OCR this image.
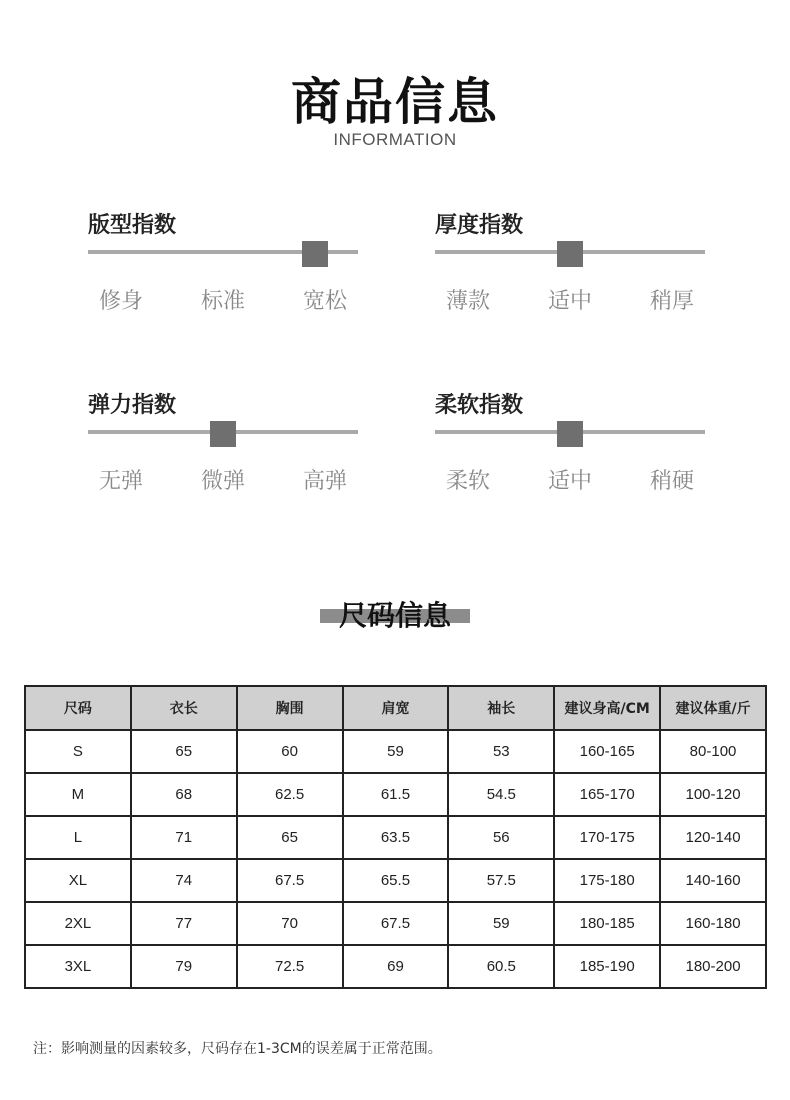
商品信息
INFORMATION
版型指数
修身	标准	宽松
厚度指数
薄款	适中	稍厚
弹力指数
无弹	微弹	高弹
柔软指数
柔软	适中	稍硬
尺码信息
尺码	衣长	胸围	肩宽	袖长	建议身高/CM	建议体重/斤
S	65	60	59	53	160-165	80-100
M	68	62.5	61.5	54.5	165-170	100-120
L	71	65	63.5	56	170-175	120-140
XL	74	67.5	65.5	57.5	175-180	140-160
2XL	77	70	67.5	59	180-185	160-180
3XL	79	72.5	69	60.5	185-190	180-200
注：影响测量的因素较多，尺码存在1-3CM的误差属于正常范围。
